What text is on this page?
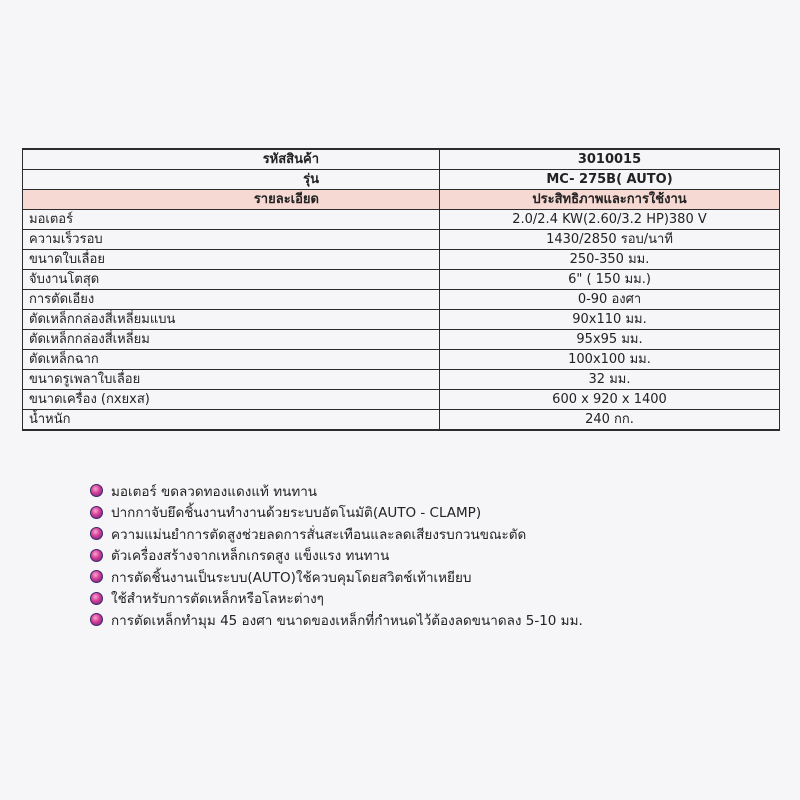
รหัสสินค้า	3010015
รุ่น	MC- 275B( AUTO)
รายละเอียด	ประสิทธิภาพและการใช้งาน
มอเตอร์	2.0/2.4 KW(2.60/3.2 HP)380 V
ความเร็วรอบ	1430/2850 รอบ/นาที
ขนาดใบเลื่อย	250-350 มม.
จับงานโตสุด	6" ( 150 มม.)
การตัดเอียง	0-90 องศา
ตัดเหล็กกล่องสี่เหลี่ยมแบน	90x110 มม.
ตัดเหล็กกล่องสี่เหลี่ยม	95x95 มม.
ตัดเหล็กฉาก	100x100 มม.
ขนาดรูเพลาใบเลื่อย	32 มม.
ขนาดเครื่อง (กxยxส)	600 x 920 x 1400
น้ำหนัก	240 กก.
มอเตอร์ ขดลวดทองแดงแท้ ทนทาน
ปากกาจับยึดชิ้นงานทำงานด้วยระบบอัตโนมัติ(AUTO - CLAMP)
ความแม่นยำการตัดสูงช่วยลดการสั่นสะเทือนและลดเสียงรบกวนขณะตัด
ตัวเครื่องสร้างจากเหล็กเกรดสูง แข็งแรง ทนทาน
การตัดชิ้นงานเป็นระบบ(AUTO)ใช้ควบคุมโดยสวิตช์เท้าเหยียบ
ใช้สำหรับการตัดเหล็กหรือโลหะต่างๆ
การตัดเหล็กทำมุม 45 องศา ขนาดของเหล็กที่กำหนดไว้ต้องลดขนาดลง 5-10 มม.
